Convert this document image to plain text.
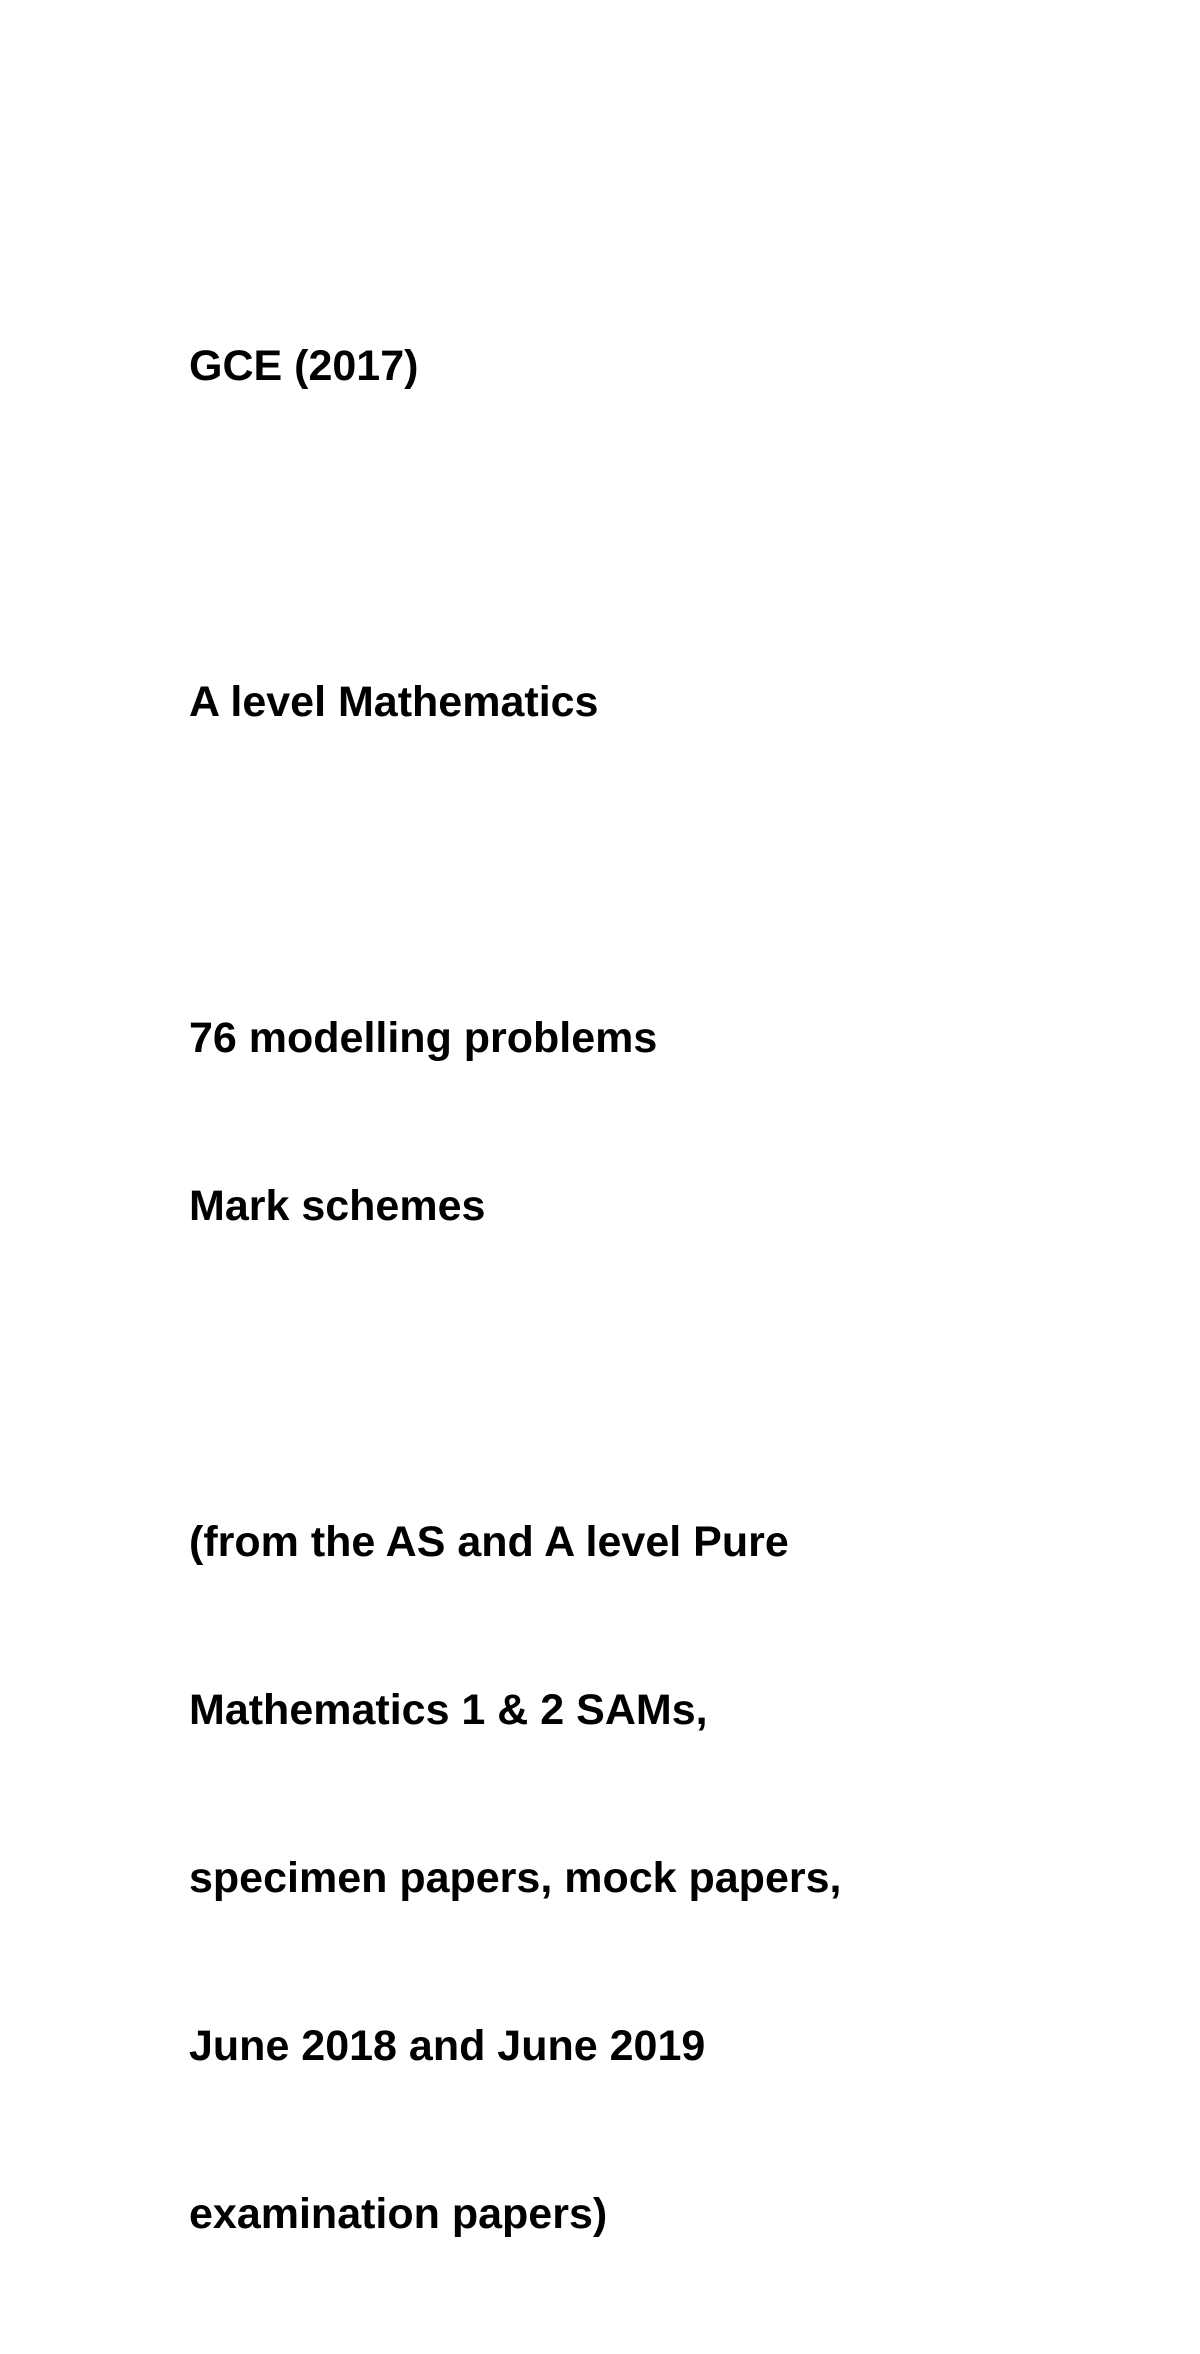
GCE (2017)

A level Mathematics

76 modelling problems

Mark schemes

(from the AS and A level Pure

Mathematics 1 & 2 SAMs,

specimen papers, mock papers,

June 2018 and June 2019

examination papers)
